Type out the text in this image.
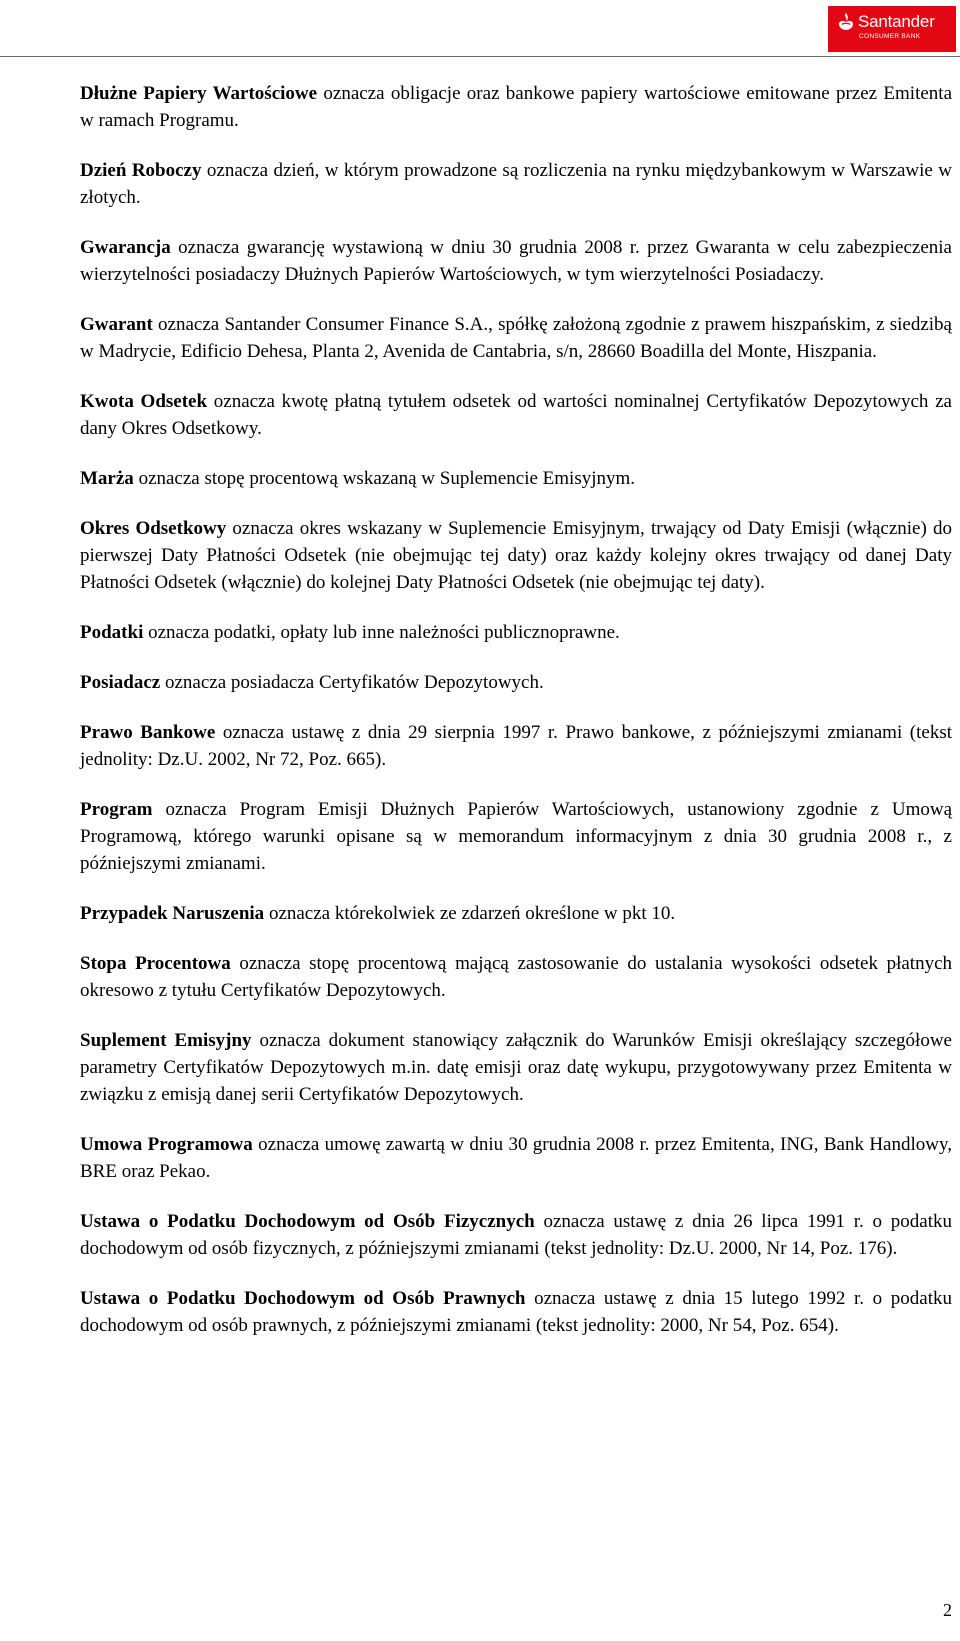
Santander
CONSUMER BANK

Dłużne Papiery Wartościowe oznacza obligacje oraz bankowe papiery wartościowe emitowane przez Emitenta w ramach Programu.

Dzień Roboczy oznacza dzień, w którym prowadzone są rozliczenia na rynku międzybankowym w Warszawie w złotych.

Gwarancja oznacza gwarancję wystawioną w dniu 30 grudnia 2008 r. przez Gwaranta w celu zabezpieczenia wierzytelności posiadaczy Dłużnych Papierów Wartościowych, w tym wierzytelności Posiadaczy.

Gwarant oznacza Santander Consumer Finance S.A., spółkę założoną zgodnie z prawem hiszpańskim, z siedzibą w Madrycie, Edificio Dehesa, Planta 2, Avenida de Cantabria, s/n, 28660 Boadilla del Monte, Hiszpania.

Kwota Odsetek oznacza kwotę płatną tytułem odsetek od wartości nominalnej Certyfikatów Depozytowych za dany Okres Odsetkowy.

Marża oznacza stopę procentową wskazaną w Suplemencie Emisyjnym.

Okres Odsetkowy oznacza okres wskazany w Suplemencie Emisyjnym, trwający od Daty Emisji (włącznie) do pierwszej Daty Płatności Odsetek (nie obejmując tej daty) oraz każdy kolejny okres trwający od danej Daty Płatności Odsetek (włącznie) do kolejnej Daty Płatności Odsetek (nie obejmując tej daty).

Podatki oznacza podatki, opłaty lub inne należności publicznoprawne.

Posiadacz oznacza posiadacza Certyfikatów Depozytowych.

Prawo Bankowe oznacza ustawę z dnia 29 sierpnia 1997 r. Prawo bankowe, z późniejszymi zmianami (tekst jednolity: Dz.U. 2002, Nr 72, Poz. 665).

Program oznacza Program Emisji Dłużnych Papierów Wartościowych, ustanowiony zgodnie z Umową Programową, którego warunki opisane są w memorandum informacyjnym z dnia 30 grudnia 2008 r., z późniejszymi zmianami.

Przypadek Naruszenia oznacza którekolwiek ze zdarzeń określone w pkt 10.

Stopa Procentowa oznacza stopę procentową mającą zastosowanie do ustalania wysokości odsetek płatnych okresowo z tytułu Certyfikatów Depozytowych.

Suplement Emisyjny oznacza dokument stanowiący załącznik do Warunków Emisji określający szczegółowe parametry Certyfikatów Depozytowych m.in. datę emisji oraz datę wykupu, przygotowywany przez Emitenta w związku z emisją danej serii Certyfikatów Depozytowych.

Umowa Programowa oznacza umowę zawartą w dniu 30 grudnia 2008 r. przez Emitenta, ING, Bank Handlowy, BRE oraz Pekao.

Ustawa o Podatku Dochodowym od Osób Fizycznych oznacza ustawę z dnia 26 lipca 1991 r. o podatku dochodowym od osób fizycznych, z późniejszymi zmianami (tekst jednolity: Dz.U. 2000, Nr 14, Poz. 176).

Ustawa o Podatku Dochodowym od Osób Prawnych oznacza ustawę z dnia 15 lutego 1992 r. o podatku dochodowym od osób prawnych, z późniejszymi zmianami (tekst jednolity: 2000, Nr 54, Poz. 654).

2
